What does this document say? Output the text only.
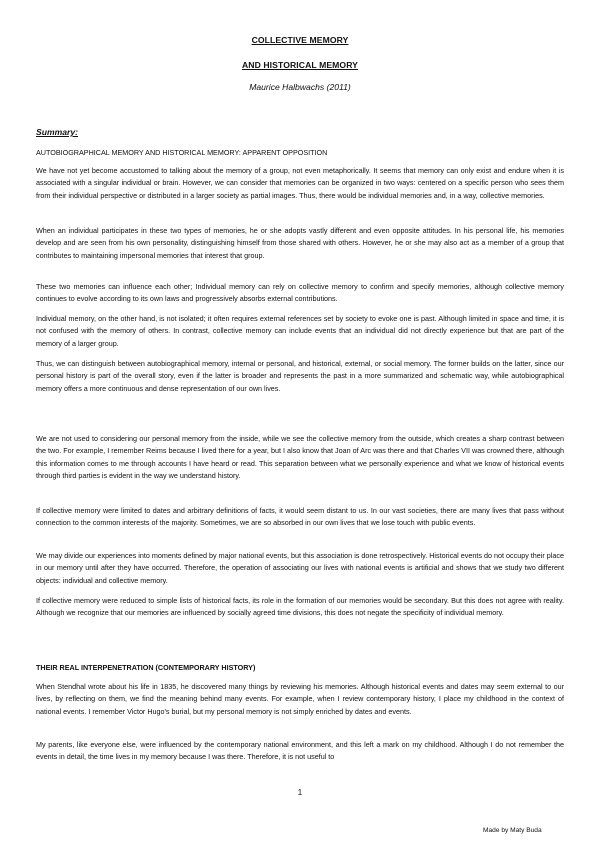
COLLECTIVE MEMORY
AND HISTORICAL MEMORY
Maurice Halbwachs (2011)
Summary:
AUTOBIOGRAPHICAL MEMORY AND HISTORICAL MEMORY: APPARENT OPPOSITION

We have not yet become accustomed to talking about the memory of a group, not even metaphorically. It seems that memory can only exist and endure when it is associated with a singular individual or brain. However, we can consider that memories can be organized in two ways: centered on a specific person who sees them from their individual perspective or distributed in a larger society as partial images. Thus, there would be individual memories and, in a way, collective memories.

When an individual participates in these two types of memories, he or she adopts vastly different and even opposite attitudes. In his personal life, his memories develop and are seen from his own personality, distinguishing himself from those shared with others. However, he or she may also act as a member of a group that contributes to maintaining impersonal memories that interest that group.

These two memories can influence each other; Individual memory can rely on collective memory to confirm and specify memories, although collective memory continues to evolve according to its own laws and progressively absorbs external contributions.

Individual memory, on the other hand, is not isolated; it often requires external references set by society to evoke one is past. Although limited in space and time, it is not confused with the memory of others. In contrast, collective memory can include events that an individual did not directly experience but that are part of the memory of a larger group.

Thus, we can distinguish between autobiographical memory, internal or personal, and historical, external, or social memory. The former builds on the latter, since our personal history is part of the overall story, even if the latter is broader and represents the past in a more summarized and schematic way, while autobiographical memory offers a more continuous and dense representation of our own lives.

We are not used to considering our personal memory from the inside, while we see the collective memory from the outside, which creates a sharp contrast between the two. For example, I remember Reims because I lived there for a year, but I also know that Joan of Arc was there and that Charles VII was crowned there, although this information comes to me through accounts I have heard or read. This separation between what we personally experience and what we know of historical events through third parties is evident in the way we understand history.

If collective memory were limited to dates and arbitrary definitions of facts, it would seem distant to us. In our vast societies, there are many lives that pass without connection to the common interests of the majority. Sometimes, we are so absorbed in our own lives that we lose touch with public events.

We may divide our experiences into moments defined by major national events, but this association is done retrospectively. Historical events do not occupy their place in our memory until after they have occurred. Therefore, the operation of associating our lives with national events is artificial and shows that we study two different objects: individual and collective memory.

If collective memory were reduced to simple lists of historical facts, its role in the formation of our memories would be secondary. But this does not agree with reality. Although we recognize that our memories are influenced by socially agreed time divisions, this does not negate the specificity of individual memory.

THEIR REAL INTERPENETRATION (CONTEMPORARY HISTORY)

When Stendhal wrote about his life in 1835, he discovered many things by reviewing his memories. Although historical events and dates may seem external to our lives, by reflecting on them, we find the meaning behind many events. For example, when I review contemporary history, I place my childhood in the context of national events. I remember Victor Hugo's burial, but my personal memory is not simply enriched by dates and events.

My parents, like everyone else, were influenced by the contemporary national environment, and this left a mark on my childhood. Although I do not remember the events in detail, the time lives in my memory because I was there. Therefore, it is not useful to

1
Made by Maty Buda
